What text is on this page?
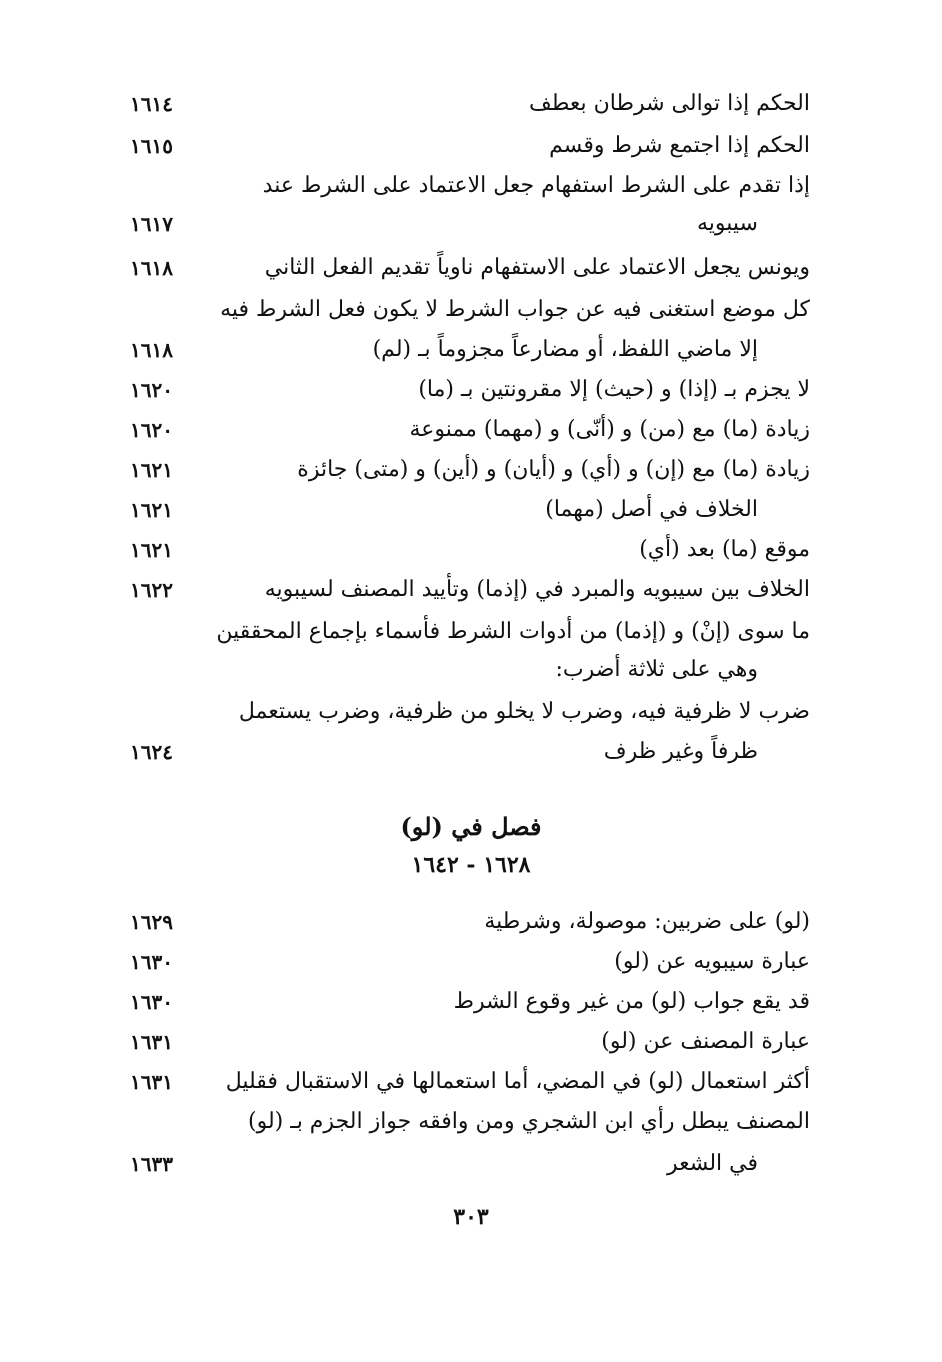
الحكم إذا توالى شرطان بعطف
١٦١٤
الحكم إذا اجتمع شرط وقسم
١٦١٥
إذا تقدم على الشرط استفهام جعل الاعتماد على الشرط عند
سيبويه
١٦١٧
ويونس يجعل الاعتماد على الاستفهام ناوياً تقديم الفعل الثاني
١٦١٨
كل موضع استغنى فيه عن جواب الشرط لا يكون فعل الشرط فيه
إلا ماضي اللفظ، أو مضارعاً مجزوماً بـ (لم)
١٦١٨
لا يجزم بـ (إذا) و (حيث) إلا مقرونتين بـ (ما)
١٦٢٠
زيادة (ما) مع (من) و (أنّى) و (مهما) ممنوعة
١٦٢٠
زيادة (ما) مع (إن) و (أي) و (أيان) و (أين) و (متى) جائزة
١٦٢١
الخلاف في أصل (مهما)
١٦٢١
موقع (ما) بعد (أي)
١٦٢١
الخلاف بين سيبويه والمبرد في (إذما) وتأييد المصنف لسيبويه
١٦٢٢
ما سوى (إنْ) و (إذما) من أدوات الشرط فأسماء بإجماع المحققين
وهي على ثلاثة أضرب:
ضرب لا ظرفية فيه، وضرب لا يخلو من ظرفية، وضرب يستعمل
ظرفاً وغير ظرف
١٦٢٤
فصل في (لو)
١٦٢٨ - ١٦٤٢
(لو) على ضربين: موصولة، وشرطية
١٦٢٩
عبارة سيبويه عن (لو)
١٦٣٠
قد يقع جواب (لو) من غير وقوع الشرط
١٦٣٠
عبارة المصنف عن (لو)
١٦٣١
أكثر استعمال (لو) في المضي، أما استعمالها في الاستقبال فقليل
١٦٣١
المصنف يبطل رأي ابن الشجري ومن وافقه جواز الجزم بـ (لو)
في الشعر
١٦٣٣
٣٠٣
